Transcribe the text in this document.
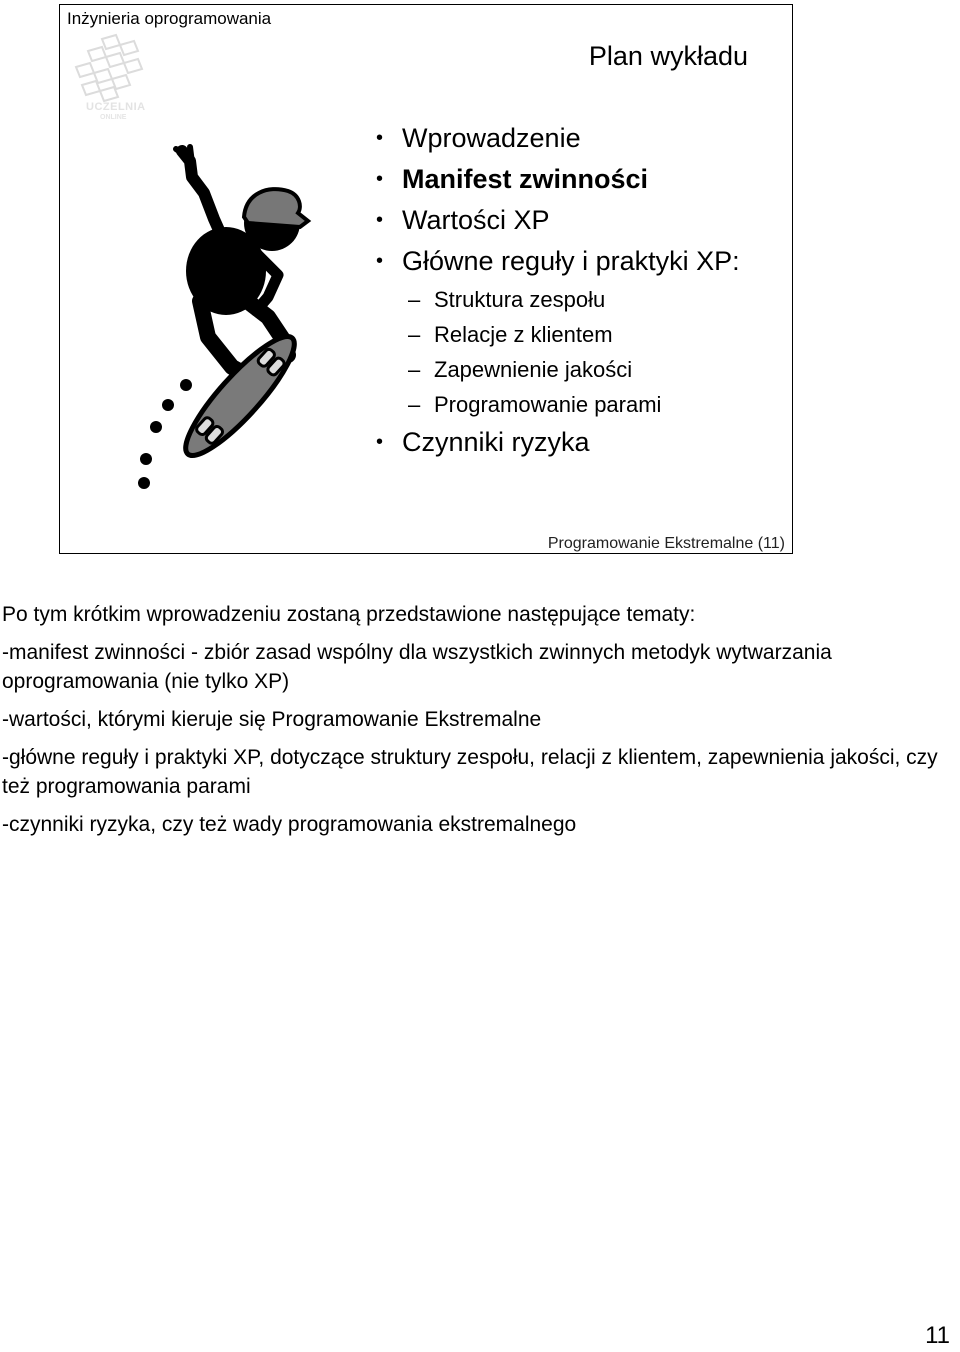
Inżynieria oprogramowania
UCZELNIA
ONLINE
Plan wykładu
• Wprowadzenie
• Manifest zwinności
• Wartości XP
• Główne reguły i praktyki XP:
– Struktura zespołu
– Relacje z klientem
– Zapewnienie jakości
– Programowanie parami
• Czynniki ryzyka
Programowanie Ekstremalne (11)

Po tym krótkim wprowadzeniu zostaną przedstawione następujące tematy:

-manifest zwinności - zbiór zasad wspólny dla wszystkich zwinnych metodyk wytwarzania oprogramowania (nie tylko XP)

-wartości, którymi kieruje się Programowanie Ekstremalne

-główne reguły i praktyki XP, dotyczące struktury zespołu, relacji z klientem, zapewnienia jakości, czy też programowania parami

-czynniki ryzyka, czy też wady programowania ekstremalnego

11
